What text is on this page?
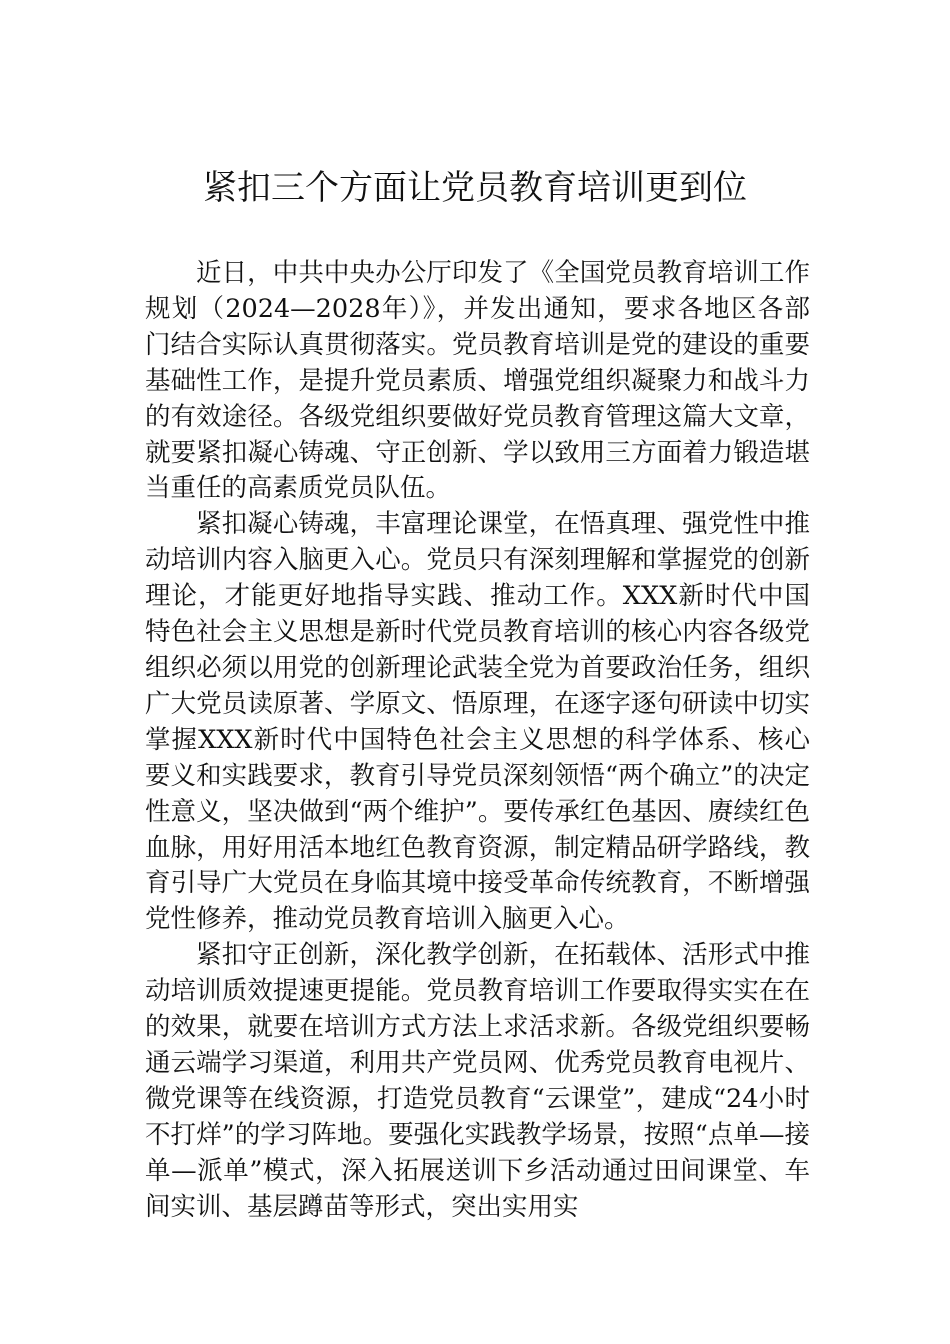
紧扣三个方面让党员教育培训更到位

近日，中共中央办公厅印发了《全国党员教育培训工作规划（2024—2028年）》，并发出通知，要求各地区各部门结合实际认真贯彻落实。党员教育培训是党的建设的重要基础性工作，是提升党员素质、增强党组织凝聚力和战斗力的有效途径。各级党组织要做好党员教育管理这篇大文章，就要紧扣凝心铸魂、守正创新、学以致用三方面着力锻造堪当重任的高素质党员队伍。

紧扣凝心铸魂，丰富理论课堂，在悟真理、强党性中推动培训内容入脑更入心。党员只有深刻理解和掌握党的创新理论，才能更好地指导实践、推动工作。XXX新时代中国特色社会主义思想是新时代党员教育培训的核心内容各级党组织必须以用党的创新理论武装全党为首要政治任务，组织广大党员读原著、学原文、悟原理，在逐字逐句研读中切实掌握XXX新时代中国特色社会主义思想的科学体系、核心要义和实践要求，教育引导党员深刻领悟“两个确立”的决定性意义，坚决做到“两个维护”。要传承红色基因、赓续红色血脉，用好用活本地红色教育资源，制定精品研学路线，教育引导广大党员在身临其境中接受革命传统教育，不断增强党性修养，推动党员教育培训入脑更入心。

紧扣守正创新，深化教学创新，在拓载体、活形式中推动培训质效提速更提能。党员教育培训工作要取得实实在在的效果，就要在培训方式方法上求活求新。各级党组织要畅通云端学习渠道，利用共产党员网、优秀党员教育电视片、微党课等在线资源，打造党员教育“云课堂”，建成“24小时不打烊”的学习阵地。要强化实践教学场景，按照“点单—接单—派单”模式，深入拓展送训下乡活动通过田间课堂、车间实训、基层蹲苗等形式，突出实用实
